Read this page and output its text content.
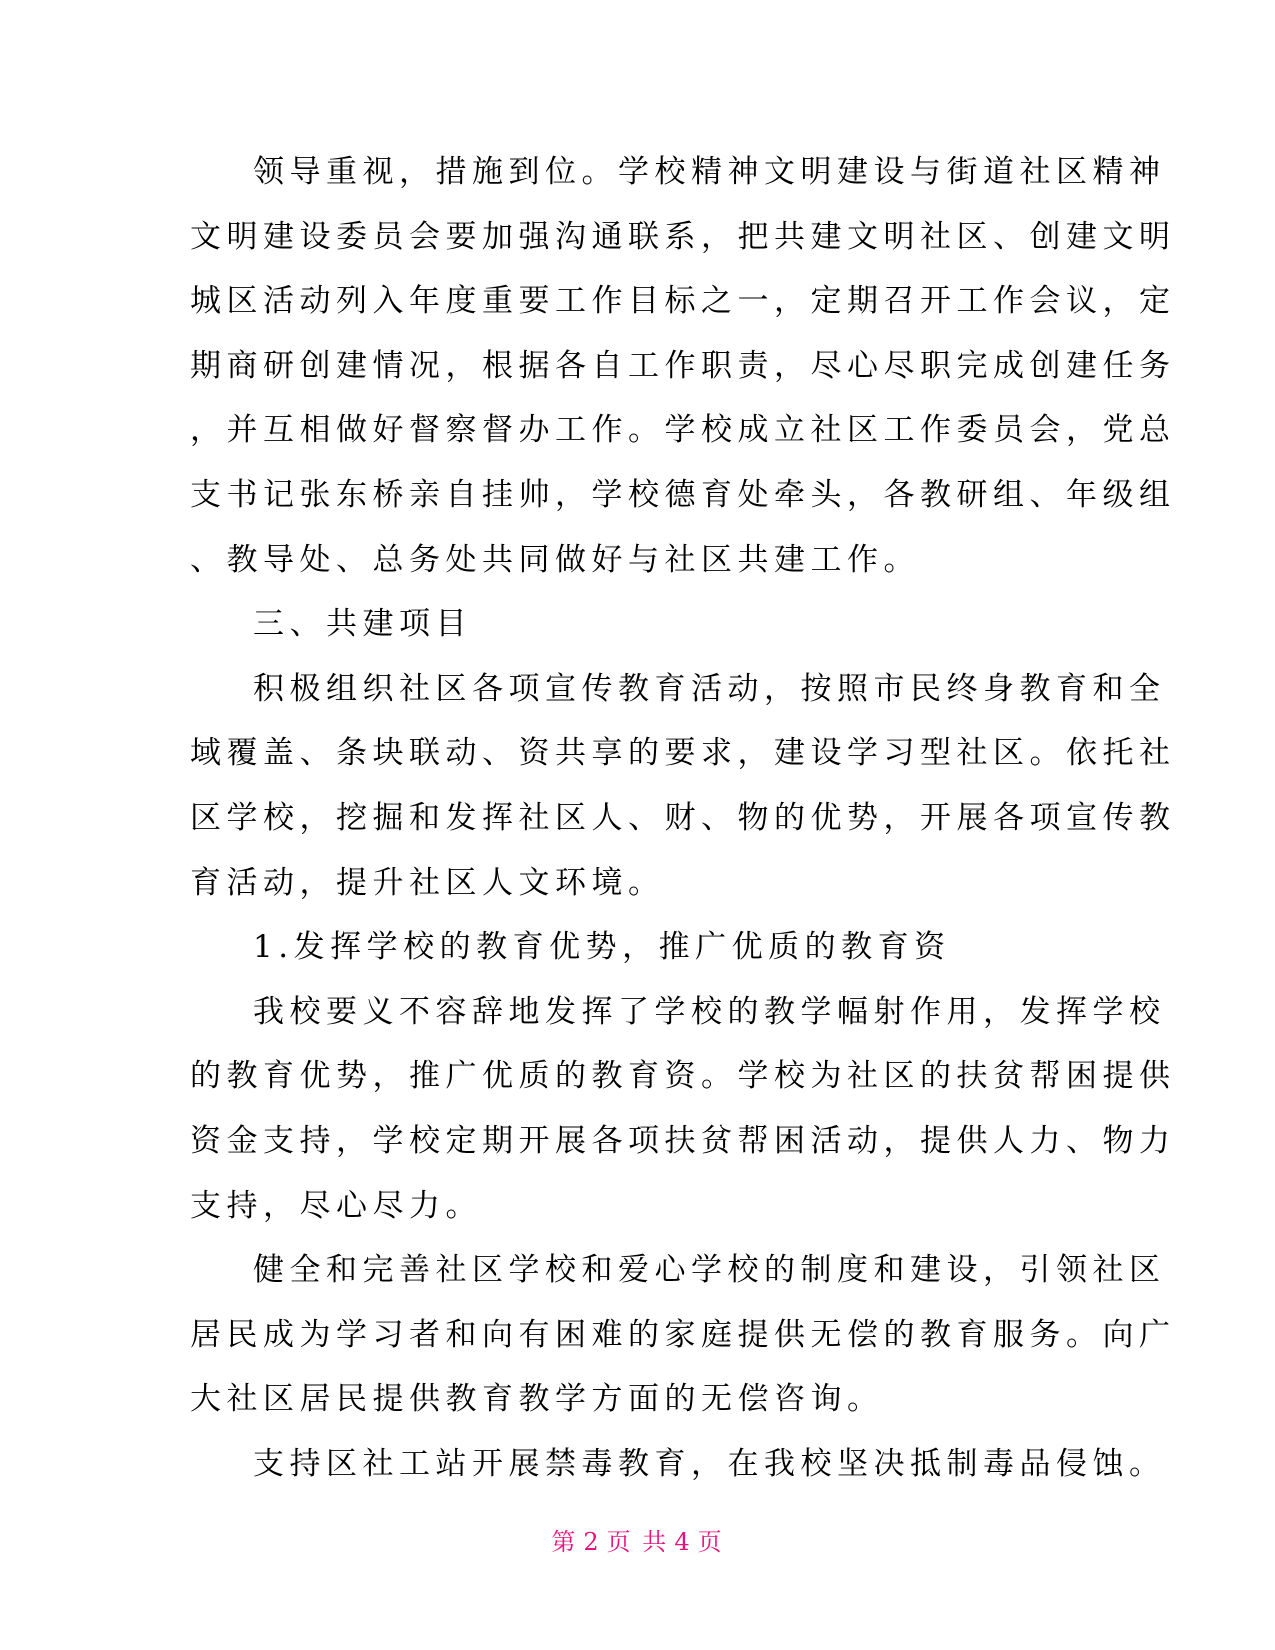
领导重视，措施到位。学校精神文明建设与街道社区精神
文明建设委员会要加强沟通联系，把共建文明社区、创建文明
城区活动列入年度重要工作目标之一，定期召开工作会议，定
期商研创建情况，根据各自工作职责，尽心尽职完成创建任务
，并互相做好督察督办工作。学校成立社区工作委员会，党总
支书记张东桥亲自挂帅，学校德育处牵头，各教研组、年级组
、教导处、总务处共同做好与社区共建工作。
三、共建项目
积极组织社区各项宣传教育活动，按照市民终身教育和全
域覆盖、条块联动、资共享的要求，建设学习型社区。依托社
区学校，挖掘和发挥社区人、财、物的优势，开展各项宣传教
育活动，提升社区人文环境。
1.发挥学校的教育优势，推广优质的教育资
我校要义不容辞地发挥了学校的教学幅射作用，发挥学校
的教育优势，推广优质的教育资。学校为社区的扶贫帮困提供
资金支持，学校定期开展各项扶贫帮困活动，提供人力、物力
支持，尽心尽力。
健全和完善社区学校和爱心学校的制度和建设，引领社区
居民成为学习者和向有困难的家庭提供无偿的教育服务。向广
大社区居民提供教育教学方面的无偿咨询。
支持区社工站开展禁毒教育，在我校坚决抵制毒品侵蚀。
第 2 页 共 4 页
